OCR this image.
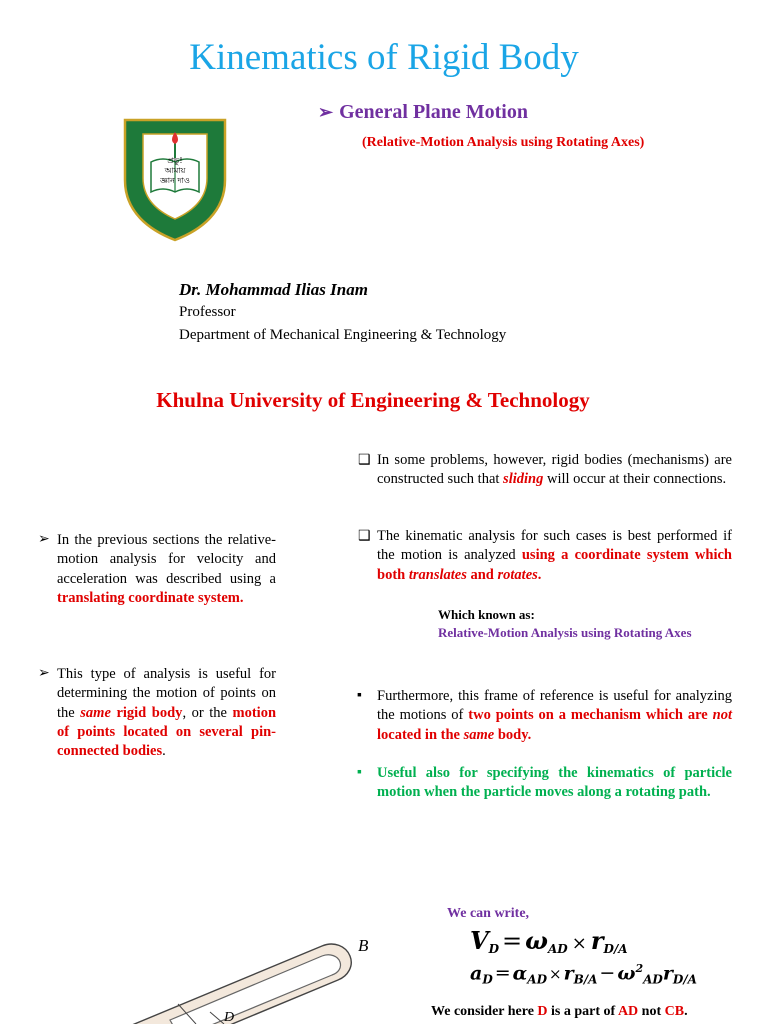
Kinematics of Rigid Body
➢ General Plane Motion
(Relative-Motion Analysis using Rotating Axes)
প্রভু!
আমায়
জ্ঞান দাও
Dr. Mohammad Ilias Inam
Professor
Department of Mechanical Engineering & Technology
Khulna University of Engineering & Technology
❑ In some problems, however, rigid bodies (mechanisms) are constructed such that sliding will occur at their connections.

❑ The kinematic analysis for such cases is best performed if the motion is analyzed using a coordinate system which both translates and rotates.

Which known as:
Relative-Motion Analysis using Rotating Axes
▪ Furthermore, this frame of reference is useful for analyzing the motions of two points on a mechanism which are not located in the same body.

▪ Useful also for specifying the kinematics of particle motion when the particle moves along a rotating path.

➢ In the previous sections the relative-motion analysis for velocity and acceleration was described using a translating coordinate system.

➢ This type of analysis is useful for determining the motion of points on the same rigid body, or the motion of points located on several pin-connected bodies.

We can write,
$V_D = \omega_{AD} \times r_{D/A}$
$a_D = \alpha_{AD} \times r_{B/A} - \omega^2_{AD}r_{D/A}$
We consider here D is a part of AD not CB.
B
D
